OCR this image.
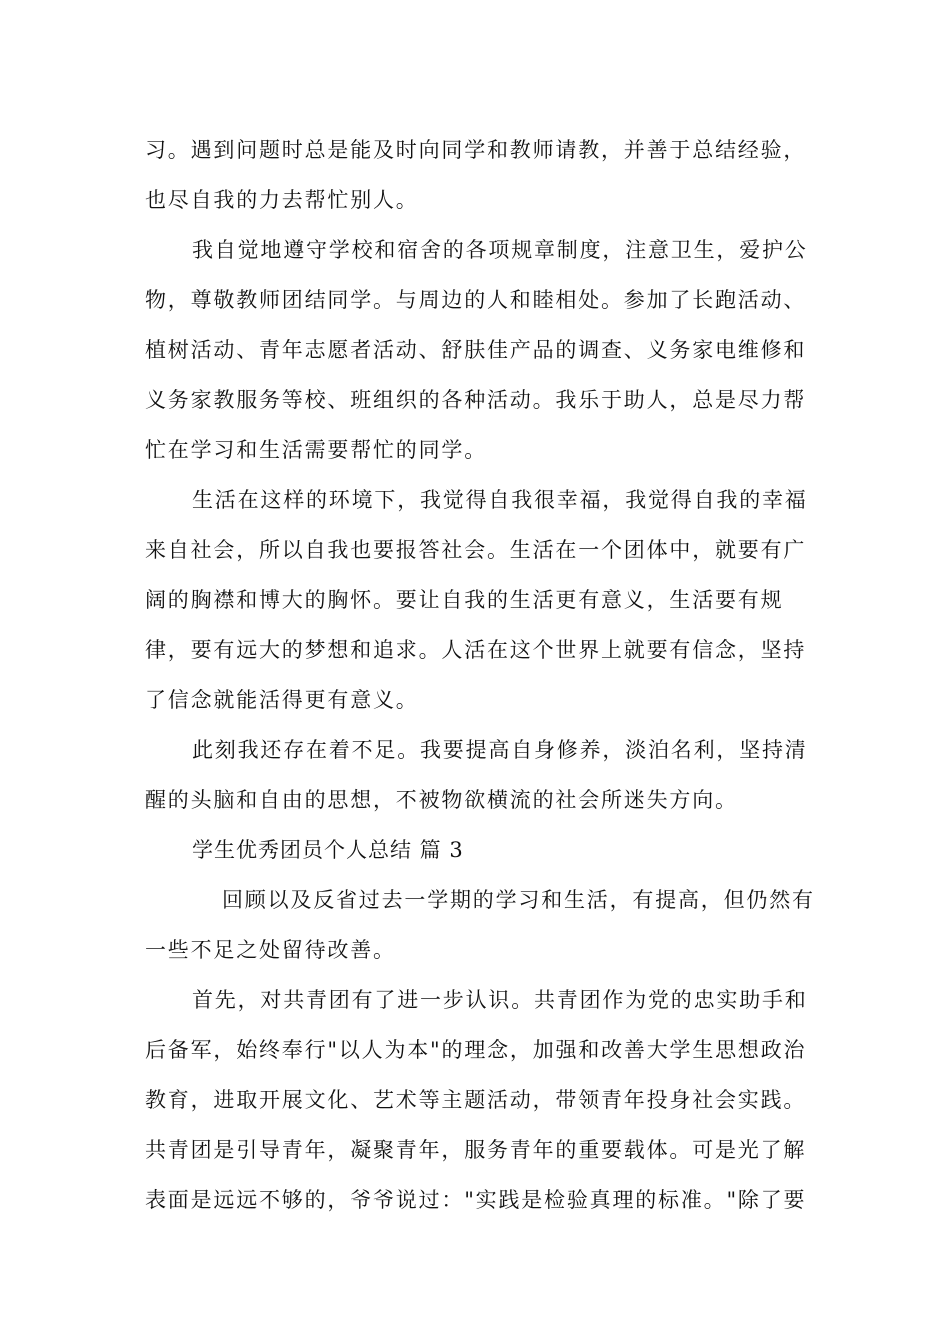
习。遇到问题时总是能及时向同学和教师请教，并善于总结经验，

也尽自我的力去帮忙别人。

我自觉地遵守学校和宿舍的各项规章制度，注意卫生，爱护公

物，尊敬教师团结同学。与周边的人和睦相处。参加了长跑活动、

植树活动、青年志愿者活动、舒肤佳产品的调查、义务家电维修和

义务家教服务等校、班组织的各种活动。我乐于助人，总是尽力帮

忙在学习和生活需要帮忙的同学。

生活在这样的环境下，我觉得自我很幸福，我觉得自我的幸福

来自社会，所以自我也要报答社会。生活在一个团体中，就要有广

阔的胸襟和博大的胸怀。要让自我的生活更有意义，生活要有规

律，要有远大的梦想和追求。人活在这个世界上就要有信念，坚持

了信念就能活得更有意义。

此刻我还存在着不足。我要提高自身修养，淡泊名利，坚持清

醒的头脑和自由的思想，不被物欲横流的社会所迷失方向。

学生优秀团员个人总结 篇 3

回顾以及反省过去一学期的学习和生活，有提高，但仍然有

一些不足之处留待改善。

首先，对共青团有了进一步认识。共青团作为党的忠实助手和

后备军，始终奉行"以人为本"的理念，加强和改善大学生思想政治

教育，进取开展文化、艺术等主题活动，带领青年投身社会实践。

共青团是引导青年，凝聚青年，服务青年的重要载体。可是光了解

表面是远远不够的，爷爷说过："实践是检验真理的标准。"除了要
